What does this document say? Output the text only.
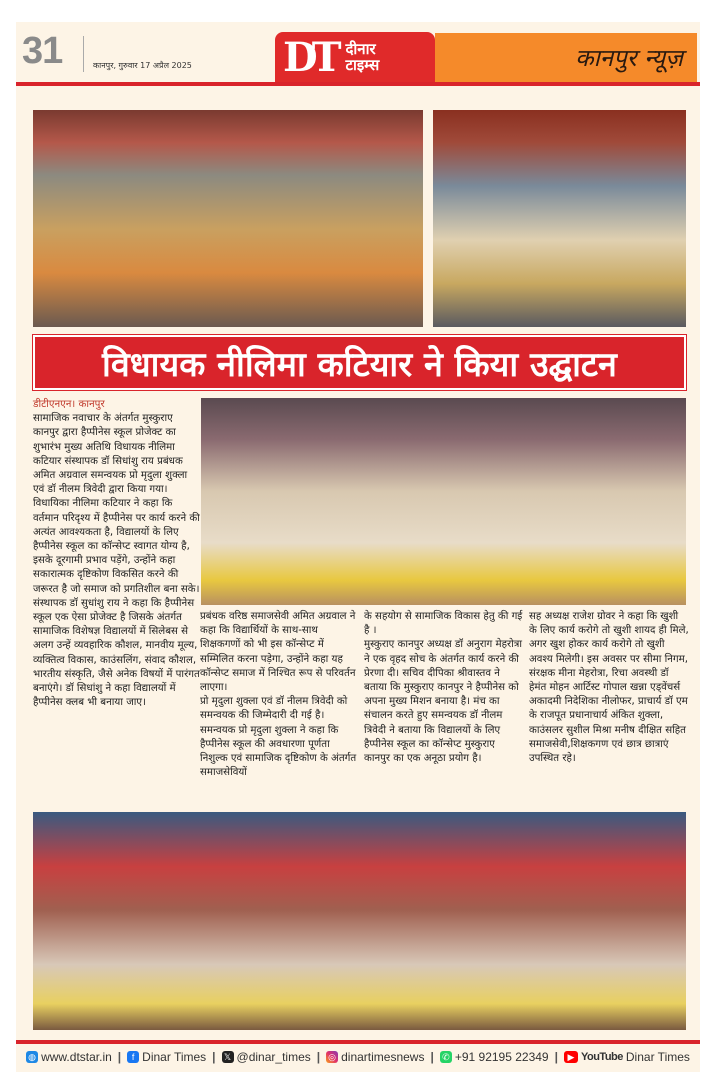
31	कानपुर, गुरुवार 17 अप्रैल 2025 DT दीनार
टाइम्स	कानपुर न्यूज़
विधायक नीलिमा कटियार ने किया उद्घाटन

डीटीएनएन। कानपुर

सामाजिक नवाचार के अंतर्गत मुस्कुराए कानपुर द्वारा हैप्पीनेस स्कूल प्रोजेक्ट का शुभारंभ मुख्य अतिथि विधायक नीलिमा कटियार संस्थापक डॉ सिधांशु राय प्रबंधक अमित अग्रवाल समन्वयक प्रो मृदुला शुक्ला एवं डॉ नीलम त्रिवेदी द्वारा किया गया।

विधायिका नीलिमा कटियार ने कहा कि वर्तमान परिदृश्य में हैप्पीनेस पर कार्य करने की अत्यंत आवश्यकता है, विद्यालयों के लिए हैप्पीनेस स्कूल का कॉन्सेप्ट स्वागत योग्य है, इसके दूरगामी प्रभाव पड़ेंगे, उन्होंने कहा सकारात्मक दृष्टिकोण विकसित करने की जरूरत है जो समाज को प्रगतिशील बना सके।

संस्थापक डॉ सुधांशु राय ने कहा कि हैप्पीनेस स्कूल एक ऐसा प्रोजेक्ट है जिसके अंतर्गत सामाजिक विशेषज्ञ विद्यालयों में सिलेबस से अलग उन्हें व्यवहारिक कौशल, मानवीय मूल्य, व्यक्तित्व विकास, काउंसलिंग, संवाद कौशल, भारतीय संस्कृति, जैसे अनेक विषयों में पारंगत बनाएंगे। डॉ सिधांशु ने कहा विद्यालयों में हैप्पीनेस क्लब भी बनाया जाए।

प्रबंधक वरिष्ठ समाजसेवी अमित अग्रवाल ने कहा कि विद्यार्थियों के साथ-साथ शिक्षकगणों को भी इस कॉन्सेप्ट में सम्मिलित करना पड़ेगा, उन्होंने कहा यह कॉन्सेप्ट समाज में निश्चित रूप से परिवर्तन लाएगा।

प्रो मृदुला शुक्ला एवं डॉ नीलम त्रिवेदी को समन्वयक की जिम्मेदारी दी गई है।

समन्वयक प्रो मृदुला शुक्ला ने कहा कि हैप्पीनेस स्कूल की अवधारणा पूर्णता निशुल्क एवं सामाजिक दृष्टिकोण के अंतर्गत समाजसेवियों

के सहयोग से सामाजिक विकास हेतु की गई है ।

मुस्कुराए कानपुर अध्यक्ष डॉ अनुराग मेहरोत्रा ने एक वृहद सोच के अंतर्गत कार्य करने की प्रेरणा दी। सचिव दीपिका श्रीवास्तव ने बताया कि मुस्कुराए कानपुर ने हैप्पीनेस को अपना मुख्य मिशन बनाया है। मंच का संचालन करते हुए समन्वयक डॉ नीलम त्रिवेदी ने बताया कि विद्यालयों के लिए हैप्पीनेस स्कूल का कॉन्सेप्ट मुस्कुराए कानपुर का एक अनूठा प्रयोग है।

सह अध्यक्ष राजेश ग्रोवर ने कहा कि खुशी के लिए कार्य करोगे तो खुशी शायद ही मिले, अगर खुश होकर कार्य करोगे तो खुशी अवश्य मिलेगी। इस अवसर पर सीमा निगम, संरक्षक मीना मेहरोत्रा, रिचा अवस्थी डॉ हेमंत मोहन आर्टिस्ट गोपाल खन्ना एड्वेंचर्स अकादमी निदेशिका नीलोफर, प्राचार्य डॉ एम के राजपूत प्रधानाचार्य अंकित शुक्ला, काउंसलर सुशील मिश्रा मनीष दीक्षित सहित समाजसेवी,शिक्षकगण एवं छात्र छात्राएं उपस्थित रहे।

◍ www.dtstar.in |	f Dinar Times | 𝕏 @dinar_times | ◎ dinartimesnews | ✆ +91 92195 22349 |	▶ YouTube Dinar Times
